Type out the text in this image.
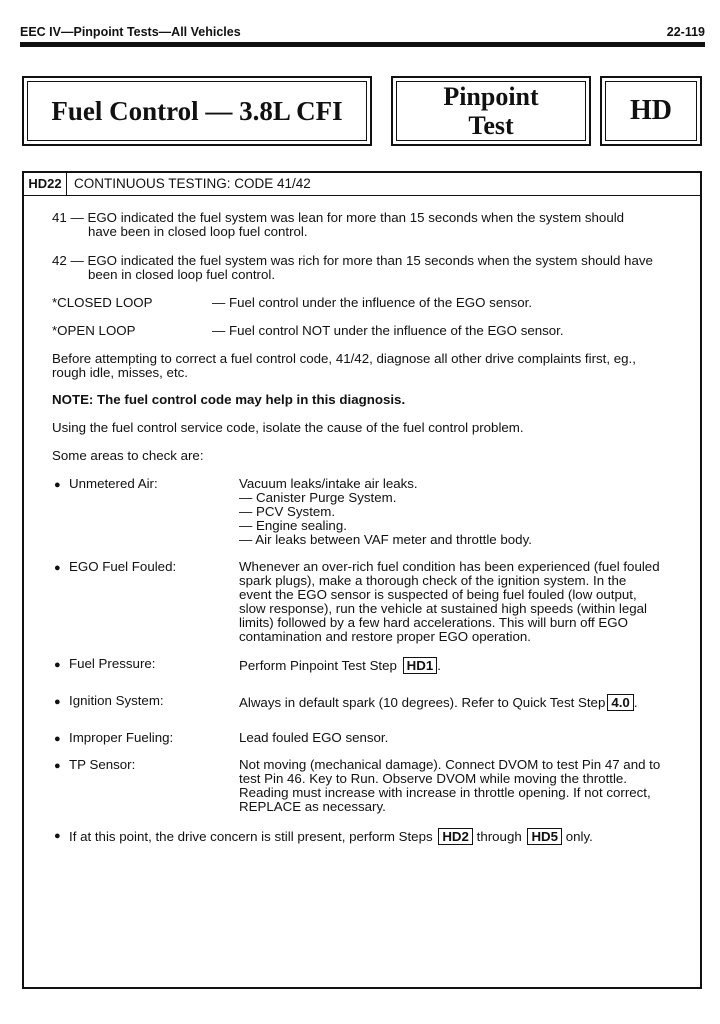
EEC IV—Pinpoint Tests—All Vehicles	22-119
Fuel Control — 3.8L CFI	Pinpoint
Test	HD
HD22 CONTINUOUS TESTING: CODE 41/42
41 — EGO indicated the fuel system was lean for more than 15 seconds when the system should
have been in closed loop fuel control.
42 — EGO indicated the fuel system was rich for more than 15 seconds when the system should have
been in closed loop fuel control.
*CLOSED LOOP	— Fuel control under the influence of the EGO sensor.
*OPEN LOOP	— Fuel control NOT under the influence of the EGO sensor.
Before attempting to correct a fuel control code, 41/42, diagnose all other drive complaints first, eg.,
rough idle, misses, etc.
NOTE: The fuel control code may help in this diagnosis.
Using the fuel control service code, isolate the cause of the fuel control problem.
Some areas to check are:
● Unmetered Air:	Vacuum leaks/intake air leaks.
— Canister Purge System.
— PCV System.
— Engine sealing.
— Air leaks between VAF meter and throttle body.
● EGO Fuel Fouled:	Whenever an over-rich fuel condition has been experienced (fuel fouled
spark plugs), make a thorough check of the ignition system. In the
event the EGO sensor is suspected of being fuel fouled (low output,
slow response), run the vehicle at sustained high speeds (within legal
limits) followed by a few hard accelerations. This will burn off EGO
contamination and restore proper EGO operation.
● Fuel Pressure:	Perform Pinpoint Test Step HD1 .
● Ignition System:	Always in default spark (10 degrees). Refer to Quick Test Step 4.0 .
● Improper Fueling:	Lead fouled EGO sensor.
● TP Sensor:	Not moving (mechanical damage). Connect DVOM to test Pin 47 and to
test Pin 46. Key to Run. Observe DVOM while moving the throttle.
Reading must increase with increase in throttle opening. If not correct,
REPLACE as necessary.
● If at this point, the drive concern is still present, perform Steps HD2 through HD5 only.
